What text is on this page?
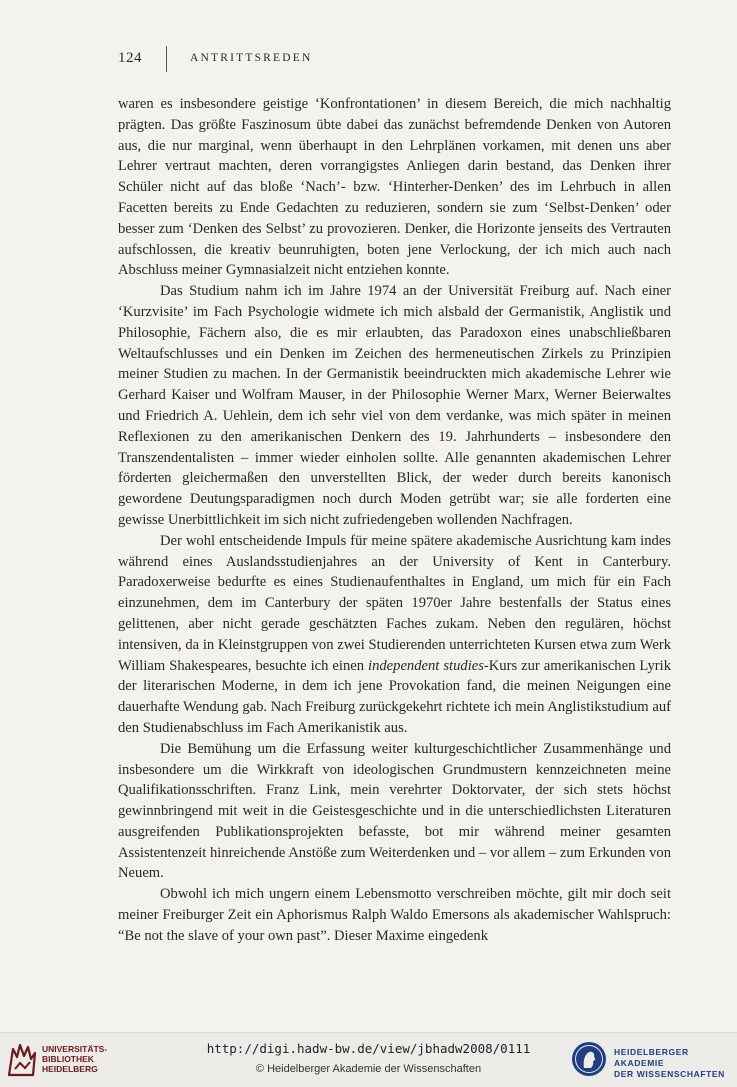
124	ANTRITTSREDEN

waren es insbesondere geistige ‘Konfrontationen’ in diesem Bereich, die mich nachhaltig prägten. Das größte Faszinosum übte dabei das zunächst befremdende Denken von Autoren aus, die nur marginal, wenn überhaupt in den Lehrplänen vorkamen, mit denen uns aber Lehrer vertraut machten, deren vorrangigstes Anliegen darin bestand, das Denken ihrer Schüler nicht auf das bloße ‘Nach’- bzw. ‘Hinterher-Denken’ des im Lehrbuch in allen Facetten bereits zu Ende Gedachten zu reduzieren, sondern sie zum ‘Selbst-Denken’ oder besser zum ‘Denken des Selbst’ zu provozieren. Denker, die Horizonte jenseits des Vertrauten aufschlossen, die kreativ beunruhigten, boten jene Verlockung, der ich mich auch nach Abschluss meiner Gymnasialzeit nicht entziehen konnte.

Das Studium nahm ich im Jahre 1974 an der Universität Freiburg auf. Nach einer ‘Kurzvisite’ im Fach Psychologie widmete ich mich alsbald der Germanistik, Anglistik und Philosophie, Fächern also, die es mir erlaubten, das Paradoxon eines unabschließbaren Weltaufschlusses und ein Denken im Zeichen des hermeneutischen Zirkels zu Prinzipien meiner Studien zu machen. In der Germanistik beeindruckten mich akademische Lehrer wie Gerhard Kaiser und Wolfram Mauser, in der Philosophie Werner Marx, Werner Beierwaltes und Friedrich A. Uehlein, dem ich sehr viel von dem verdanke, was mich später in meinen Reflexionen zu den amerikanischen Denkern des 19. Jahrhunderts – insbesondere den Transzendentalisten – immer wieder einholen sollte. Alle genannten akademischen Lehrer förderten gleichermaßen den unverstellten Blick, der weder durch bereits kanonisch gewordene Deutungsparadigmen noch durch Moden getrübt war; sie alle forderten eine gewisse Unerbittlichkeit im sich nicht zufriedengeben wollenden Nachfragen.

Der wohl entscheidende Impuls für meine spätere akademische Ausrichtung kam indes während eines Auslandsstudienjahres an der University of Kent in Canterbury. Paradoxerweise bedurfte es eines Studienaufenthaltes in England, um mich für ein Fach einzunehmen, dem im Canterbury der späten 1970er Jahre bestenfalls der Status eines gelittenen, aber nicht gerade geschätzten Faches zukam. Neben den regulären, höchst intensiven, da in Kleinstgruppen von zwei Studierenden unterrichteten Kursen etwa zum Werk William Shakespeares, besuchte ich einen independent studies-Kurs zur amerikanischen Lyrik der literarischen Moderne, in dem ich jene Provokation fand, die meinen Neigungen eine dauerhafte Wendung gab. Nach Freiburg zurückgekehrt richtete ich mein Anglistikstudium auf den Studienabschluss im Fach Amerikanistik aus.

Die Bemühung um die Erfassung weiter kulturgeschichtlicher Zusammenhänge und insbesondere um die Wirkkraft von ideologischen Grundmustern kennzeichneten meine Qualifikationsschriften. Franz Link, mein verehrter Doktorvater, der sich stets höchst gewinnbringend mit weit in die Geistesgeschichte und in die unterschiedlichsten Literaturen ausgreifenden Publikationsprojekten befasste, bot mir während meiner gesamten Assistentenzeit hinreichende Anstöße zum Weiterdenken und – vor allem – zum Erkunden von Neuem.

Obwohl ich mich ungern einem Lebensmotto verschreiben möchte, gilt mir doch seit meiner Freiburger Zeit ein Aphorismus Ralph Waldo Emersons als akademischer Wahlspruch: “Be not the slave of your own past”. Dieser Maxime eingedenk

UNIVERSITÄTS-
BIBLIOTHEK
HEIDELBERG
http://digi.hadw-bw.de/view/jbhadw2008/0111
© Heidelberger Akademie der Wissenschaften
HEIDELBERGER AKADEMIE
DER WISSENSCHAFTEN
